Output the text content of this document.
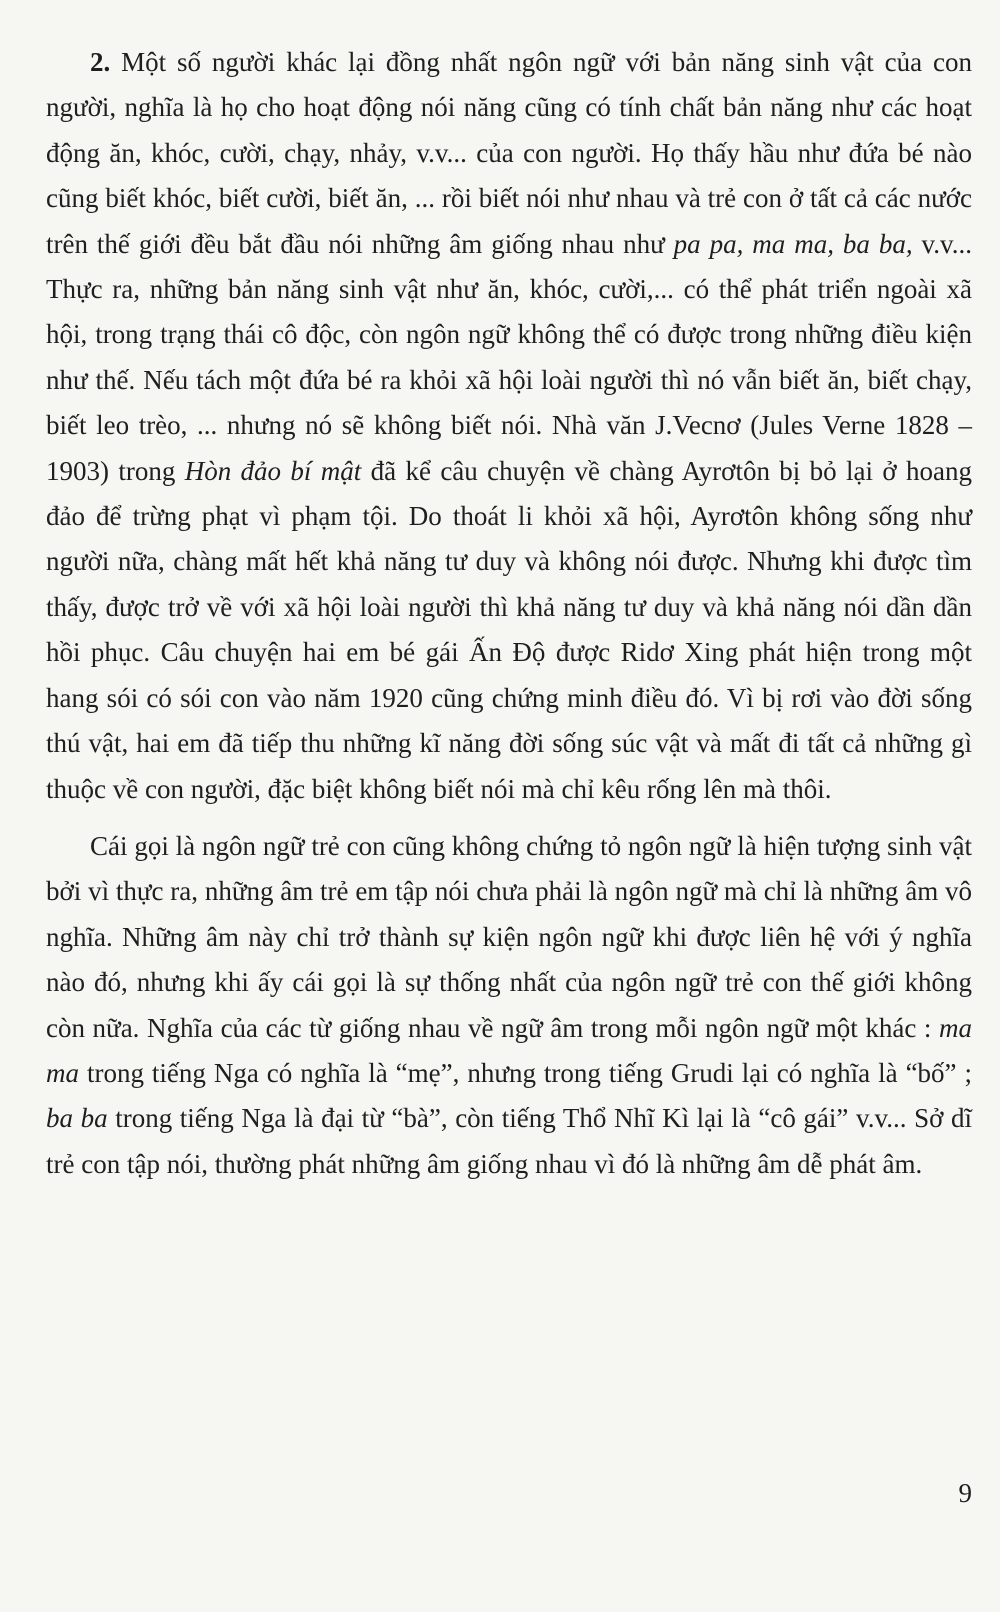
2. Một số người khác lại đồng nhất ngôn ngữ với bản năng sinh vật của con người, nghĩa là họ cho hoạt động nói năng cũng có tính chất bản năng như các hoạt động ăn, khóc, cười, chạy, nhảy, v.v... của con người. Họ thấy hầu như đứa bé nào cũng biết khóc, biết cười, biết ăn, ... rồi biết nói như nhau và trẻ con ở tất cả các nước trên thế giới đều bắt đầu nói những âm giống nhau như pa pa, ma ma, ba ba, v.v... Thực ra, những bản năng sinh vật như ăn, khóc, cười,... có thể phát triển ngoài xã hội, trong trạng thái cô độc, còn ngôn ngữ không thể có được trong những điều kiện như thế. Nếu tách một đứa bé ra khỏi xã hội loài người thì nó vẫn biết ăn, biết chạy, biết leo trèo, ... nhưng nó sẽ không biết nói. Nhà văn J.Vecnơ (Jules Verne 1828 – 1903) trong Hòn đảo bí mật đã kể câu chuyện về chàng Ayrơtôn bị bỏ lại ở hoang đảo để trừng phạt vì phạm tội. Do thoát li khỏi xã hội, Ayrơtôn không sống như người nữa, chàng mất hết khả năng tư duy và không nói được. Nhưng khi được tìm thấy, được trở về với xã hội loài người thì khả năng tư duy và khả năng nói dần dần hồi phục. Câu chuyện hai em bé gái Ấn Độ được Ridơ Xing phát hiện trong một hang sói có sói con vào năm 1920 cũng chứng minh điều đó. Vì bị rơi vào đời sống thú vật, hai em đã tiếp thu những kĩ năng đời sống súc vật và mất đi tất cả những gì thuộc về con người, đặc biệt không biết nói mà chỉ kêu rống lên mà thôi.

Cái gọi là ngôn ngữ trẻ con cũng không chứng tỏ ngôn ngữ là hiện tượng sinh vật bởi vì thực ra, những âm trẻ em tập nói chưa phải là ngôn ngữ mà chỉ là những âm vô nghĩa. Những âm này chỉ trở thành sự kiện ngôn ngữ khi được liên hệ với ý nghĩa nào đó, nhưng khi ấy cái gọi là sự thống nhất của ngôn ngữ trẻ con thế giới không còn nữa. Nghĩa của các từ giống nhau về ngữ âm trong mỗi ngôn ngữ một khác : ma ma trong tiếng Nga có nghĩa là “mẹ”, nhưng trong tiếng Grudi lại có nghĩa là “bố” ; ba ba trong tiếng Nga là đại từ “bà”, còn tiếng Thổ Nhĩ Kì lại là “cô gái” v.v... Sở dĩ trẻ con tập nói, thường phát những âm giống nhau vì đó là những âm dễ phát âm.

9
